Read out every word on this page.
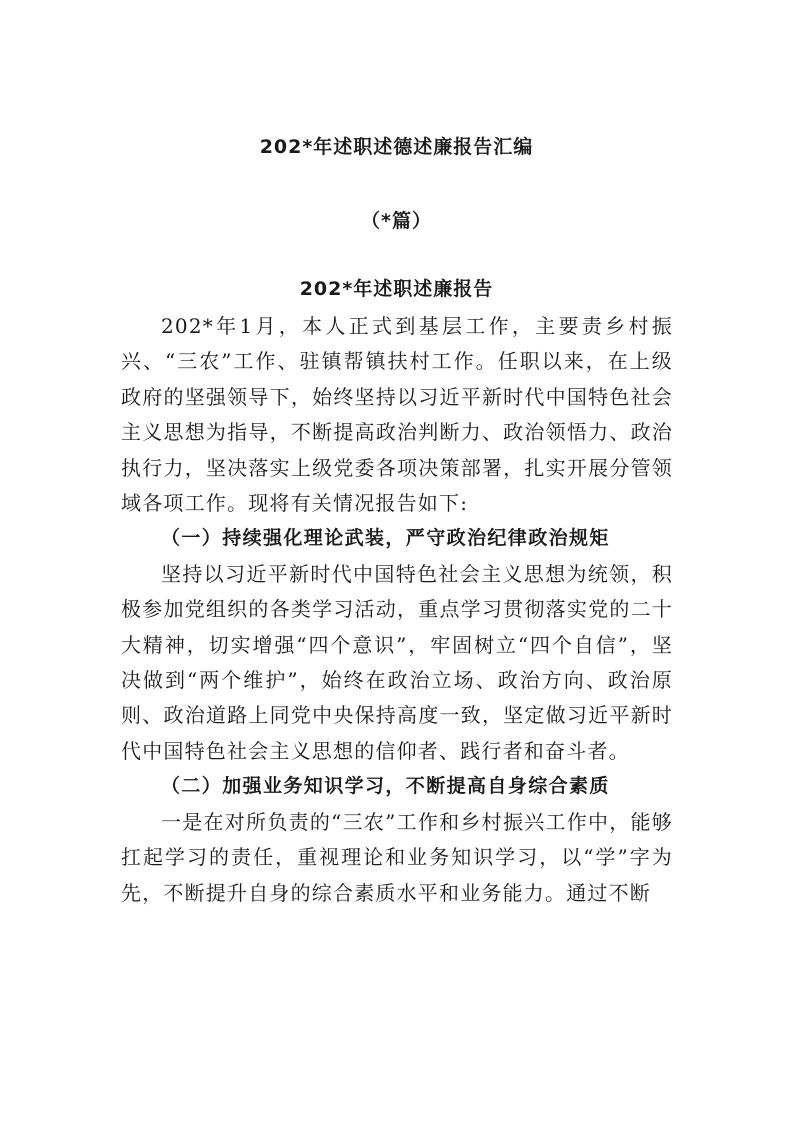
202*年述职述德述廉报告汇编
（*篇）
202*年述职述廉报告

202*年1月，本人正式到基层工作，主要责乡村振兴、“三农”工作、驻镇帮镇扶村工作。任职以来，在上级政府的坚强领导下，始终坚持以习近平新时代中国特色社会主义思想为指导，不断提高政治判断力、政治领悟力、政治执行力，坚决落实上级党委各项决策部署，扎实开展分管领域各项工作。现将有关情况报告如下:

（一）持续强化理论武装，严守政治纪律政治规矩

坚持以习近平新时代中国特色社会主义思想为统领，积极参加党组织的各类学习活动，重点学习贯彻落实党的二十大精神，切实增强“四个意识”，牢固树立“四个自信”，坚决做到“两个维护”，始终在政治立场、政治方向、政治原则、政治道路上同党中央保持高度一致，坚定做习近平新时代中国特色社会主义思想的信仰者、践行者和奋斗者。

（二）加强业务知识学习，不断提高自身综合素质

一是在对所负责的“三农”工作和乡村振兴工作中，能够扛起学习的责任，重视理论和业务知识学习，以“学”字为先，不断提升自身的综合素质水平和业务能力。通过不断
